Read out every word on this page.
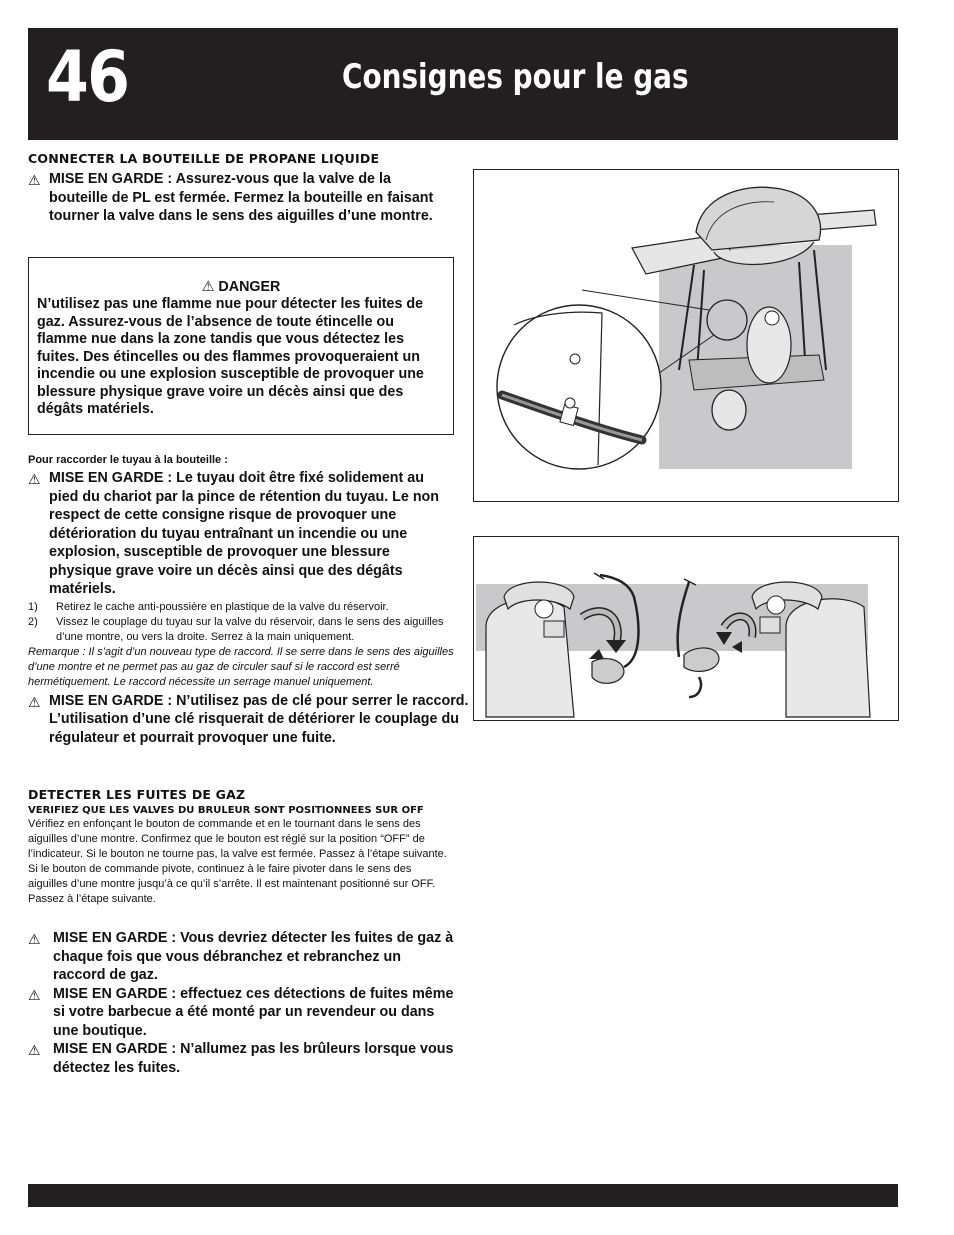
46	Consignes pour le gas

CONNECTER LA BOUTEILLE DE PROPANE LIQUIDE

⚠ MISE EN GARDE : Assurez-vous que la valve de la bouteille de PL est fermée. Fermez la bouteille en faisant tourner la valve dans le sens des aiguilles d’une montre.

⚠ DANGER

N’utilisez pas une flamme nue pour détecter les fuites de gaz. Assurez-vous de l’absence de toute étincelle ou flamme nue dans la zone tandis que vous détectez les fuites. Des étincelles ou des flammes provoqueraient un incendie ou une explosion susceptible de provoquer une blessure physique grave voire un décès ainsi que des dégâts matériels.

Pour raccorder le tuyau à la bouteille :

⚠ MISE EN GARDE : Le tuyau doit être fixé solidement au pied du chariot par la pince de rétention du tuyau. Le non respect de cette consigne risque de provoquer une détérioration du tuyau entraînant un incendie ou une explosion, susceptible de provoquer une blessure physique grave voire un décès ainsi que des dégâts matériels.

1) Retirez le cache anti-poussière en plastique de la valve du réservoir.

2) Vissez le couplage du tuyau sur la valve du réservoir, dans le sens des aiguilles d’une montre, ou vers la droite. Serrez à la main uniquement.

Remarque : Il s’agit d’un nouveau type de raccord. Il se serre dans le sens des aiguilles d’une montre et ne permet pas au gaz de circuler sauf si le raccord est serré hermétiquement. Le raccord nécessite un serrage manuel uniquement.

⚠ MISE EN GARDE : N’utilisez pas de clé pour serrer le raccord. L’utilisation d’une clé risquerait de détériorer le couplage du régulateur et pourrait provoquer une fuite.

DETECTER LES FUITES DE GAZ

VERIFIEZ QUE LES VALVES DU BRULEUR SONT POSITIONNEES SUR OFF

Vérifiez en enfonçant le bouton de commande et en le tournant dans le sens des aiguilles d’une montre. Confirmez que le bouton est réglé sur la position “OFF” de l’indicateur. Si le bouton ne tourne pas, la valve est fermée. Passez à l’étape suivante. Si le bouton de commande pivote, continuez à le faire pivoter dans le sens des aiguilles d’une montre jusqu’à ce qu’il s’arrête. Il est maintenant positionné sur OFF. Passez à l’étape suivante.

⚠ MISE EN GARDE : Vous devriez détecter les fuites de gaz à chaque fois que vous débranchez et rebranchez un raccord de gaz.

⚠ MISE EN GARDE : effectuez ces détections de fuites même si votre barbecue a été monté par un revendeur ou dans une boutique.

⚠ MISE EN GARDE : N’allumez pas les brûleurs lorsque vous détectez les fuites.
